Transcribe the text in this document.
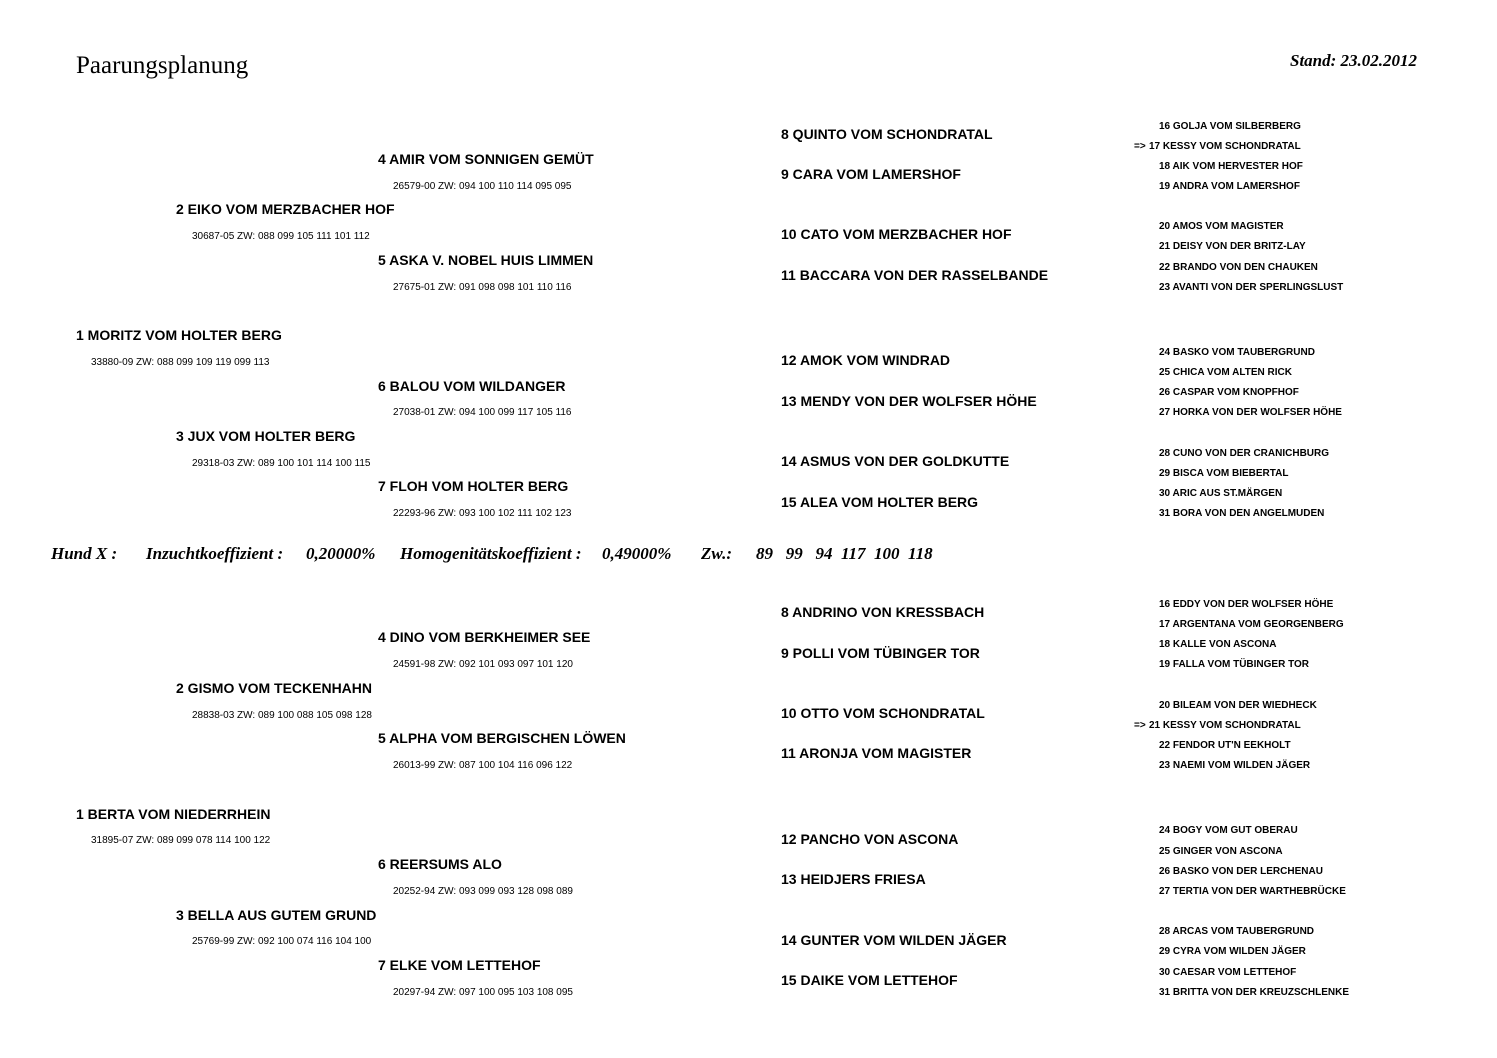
Paarungsplanung	Stand: 23.02.2012
4 AMIR VOM SONNIGEN GEMÜT
26579-00 ZW: 094 100 110 114 095 095
2 EIKO VOM MERZBACHER HOF
30687-05 ZW: 088 099 105 111 101 112
5 ASKA V. NOBEL HUIS LIMMEN
27675-01 ZW: 091 098 098 101 110 116
1 MORITZ VOM HOLTER BERG
33880-09 ZW: 088 099 109 119 099 113
6 BALOU VOM WILDANGER
27038-01 ZW: 094 100 099 117 105 116
3 JUX VOM HOLTER BERG
29318-03 ZW: 089 100 101 114 100 115
7 FLOH VOM HOLTER BERG
22293-96 ZW: 093 100 102 111 102 123
8 QUINTO VOM SCHONDRATAL
9 CARA VOM LAMERSHOF
10 CATO VOM MERZBACHER HOF
11 BACCARA VON DER RASSELBANDE
12 AMOK VOM WINDRAD
13 MENDY VON DER WOLFSER HÖHE
14 ASMUS VON DER GOLDKUTTE
15 ALEA VOM HOLTER BERG
16 GOLJA VOM SILBERBERG
=> 17 KESSY VOM SCHONDRATAL
18 AIK VOM HERVESTER HOF
19 ANDRA VOM LAMERSHOF
20 AMOS VOM MAGISTER
21 DEISY VON DER BRITZ-LAY
22 BRANDO VON DEN CHAUKEN
23 AVANTI VON DER SPERLINGSLUST
24 BASKO VOM TAUBERGRUND
25 CHICA VOM ALTEN RICK
26 CASPAR VOM KNOPFHOF
27 HORKA VON DER WOLFSER HÖHE
28 CUNO VON DER CRANICHBURG
29 BISCA VOM BIEBERTAL
30 ARIC AUS ST.MÄRGEN
31 BORA VON DEN ANGELMUDEN
Hund X : Inzuchtkoeffizient : 0,20000% Homogenitätskoeffizient : 0,49000% Zw.: 89   99   94  117  100  118
4 DINO VOM BERKHEIMER SEE
24591-98 ZW: 092 101 093 097 101 120
2 GISMO VOM TECKENHAHN
28838-03 ZW: 089 100 088 105 098 128
5 ALPHA VOM BERGISCHEN LÖWEN
26013-99 ZW: 087 100 104 116 096 122
1 BERTA VOM NIEDERRHEIN
31895-07 ZW: 089 099 078 114 100 122
6 REERSUMS ALO
20252-94 ZW: 093 099 093 128 098 089
3 BELLA AUS GUTEM GRUND
25769-99 ZW: 092 100 074 116 104 100
7 ELKE VOM LETTEHOF
20297-94 ZW: 097 100 095 103 108 095
8 ANDRINO VON KRESSBACH
9 POLLI VOM TÜBINGER TOR
10 OTTO VOM SCHONDRATAL
11 ARONJA VOM MAGISTER
12 PANCHO VON ASCONA
13 HEIDJERS FRIESA
14 GUNTER VOM WILDEN JÄGER
15 DAIKE VOM LETTEHOF
16 EDDY VON DER WOLFSER HÖHE
17 ARGENTANA VOM GEORGENBERG
18 KALLE VON ASCONA
19 FALLA VOM TÜBINGER TOR
20 BILEAM VON DER WIEDHECK
=> 21 KESSY VOM SCHONDRATAL
22 FENDOR UT'N EEKHOLT
23 NAEMI VOM WILDEN JÄGER
24 BOGY VOM GUT OBERAU
25 GINGER VON ASCONA
26 BASKO VON DER LERCHENAU
27 TERTIA VON DER WARTHEBRÜCKE
28 ARCAS VOM TAUBERGRUND
29 CYRA VOM WILDEN JÄGER
30 CAESAR VOM LETTEHOF
31 BRITTA VON DER KREUZSCHLENKE
